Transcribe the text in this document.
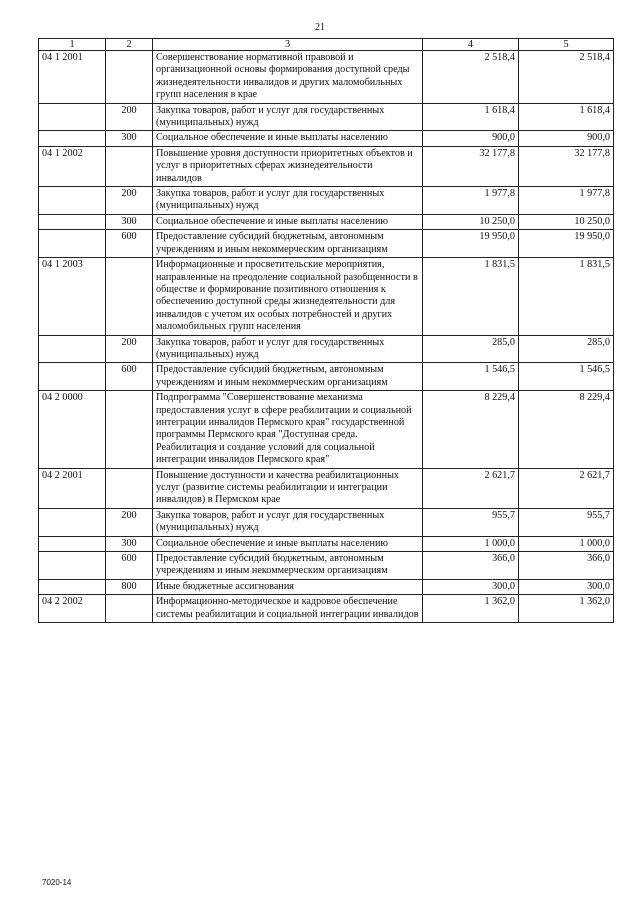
21
1	2	3	4	5
04 1 2001		Совершенствование нормативной правовой и организационной основы формирования доступной среды жизнедеятельности инвалидов и других маломобильных групп населения в крае	2 518,4	2 518,4
	200	Закупка товаров, работ и услуг для государственных (муниципальных) нужд	1 618,4	1 618,4
	300	Социальное обеспечение и иные выплаты населению	900,0	900,0
04 1 2002		Повышение уровня доступности приоритетных объектов и услуг в приоритетных сферах жизнедеятельности инвалидов	32 177,8	32 177,8
	200	Закупка товаров, работ и услуг для государственных (муниципальных) нужд	1 977,8	1 977,8
	300	Социальное обеспечение и иные выплаты населению	10 250,0	10 250,0
	600	Предоставление субсидий бюджетным, автономным учреждениям и иным некоммерческим организациям	19 950,0	19 950,0
04 1 2003		Информационные и просветительские мероприятия, направленные на преодоление социальной разобщенности в обществе и формирование позитивного отношения к обеспечению доступной среды жизнедеятельности для инвалидов с учетом их особых потребностей и других маломобильных групп населения	1 831,5	1 831,5
	200	Закупка товаров, работ и услуг для государственных (муниципальных) нужд	285,0	285,0
	600	Предоставление субсидий бюджетным, автономным учреждениям и иным некоммерческим организациям	1 546,5	1 546,5
04 2 0000		Подпрограмма "Совершенствование механизма предоставления услуг в сфере реабилитации и социальной интеграции инвалидов Пермского края" государственной программы Пермского края "Доступная среда. Реабилитация и создание условий для социальной интеграции инвалидов Пермского края"	8 229,4	8 229,4
04 2 2001		Повышение доступности и качества реабилитационных услуг (развитие системы реабилитации и интеграции инвалидов) в Пермском крае	2 621,7	2 621,7
	200	Закупка товаров, работ и услуг для государственных (муниципальных) нужд	955,7	955,7
	300	Социальное обеспечение и иные выплаты населению	1 000,0	1 000,0
	600	Предоставление субсидий бюджетным, автономным учреждениям и иным некоммерческим организациям	366,0	366,0
	800	Иные бюджетные ассигнования	300,0	300,0
04 2 2002		Информационно-методическое и кадровое обеспечение системы реабилитации и социальной интеграции инвалидов	1 362,0	1 362,0
7020-14
